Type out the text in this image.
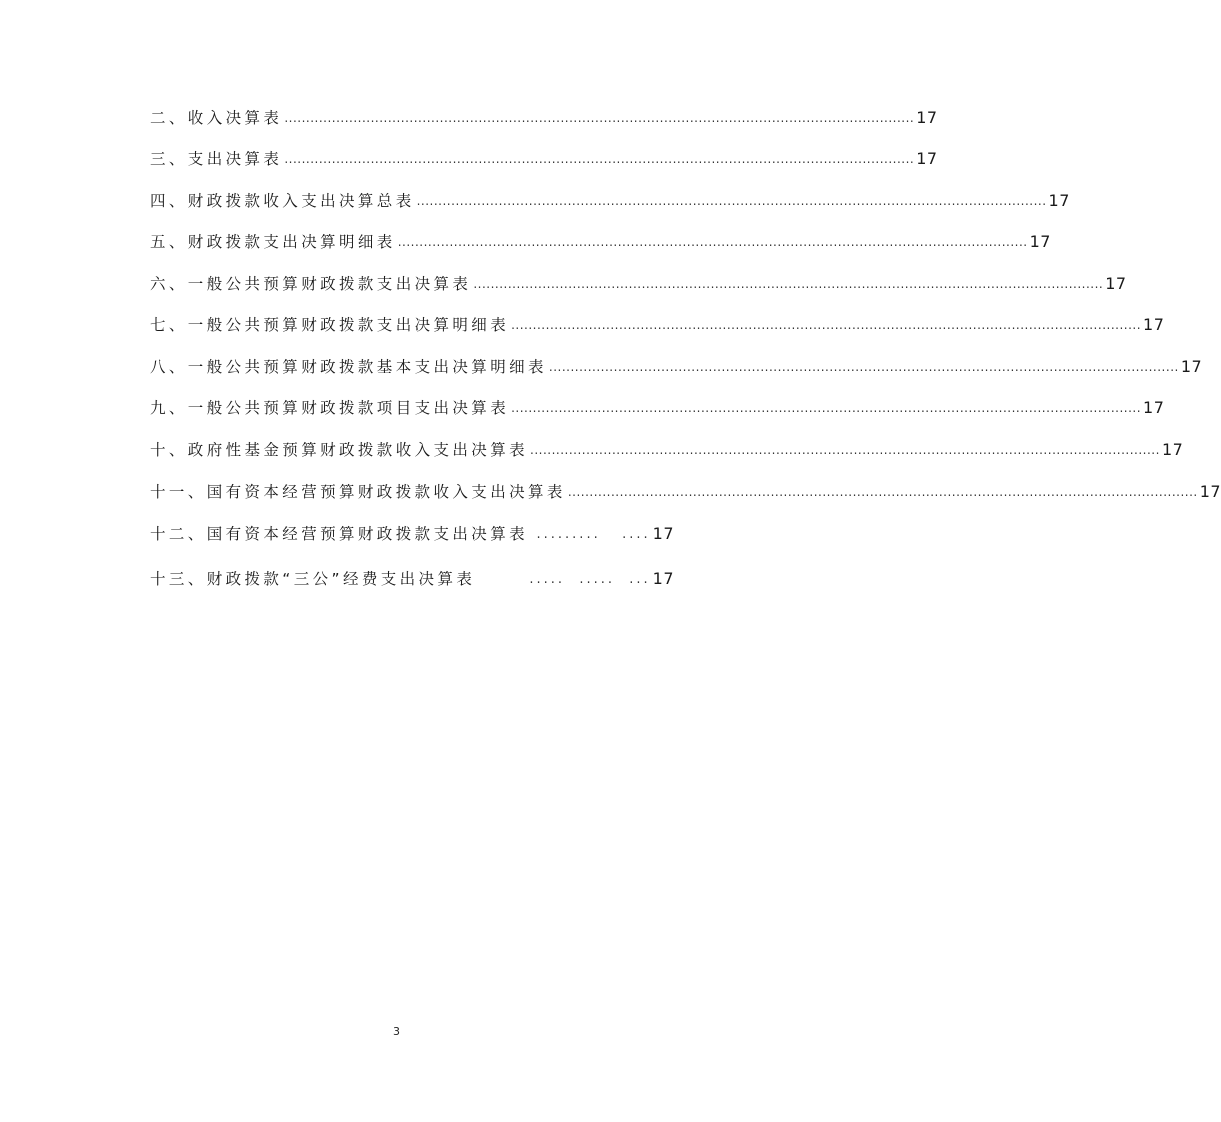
二、收入决算表 .................................................................................................................................................. 17
三、支出决算表 .................................................................................................................................................. 17
四、财政拨款收入支出决算总表 .................................................................................................................................................. 17
五、财政拨款支出决算明细表 .................................................................................................................................................. 17
六、一般公共预算财政拨款支出决算表 .................................................................................................................................................. 17
七、一般公共预算财政拨款支出决算明细表 .................................................................................................................................................. 17
八、一般公共预算财政拨款基本支出决算明细表 .................................................................................................................................................. 17
九、一般公共预算财政拨款项目支出决算表 .................................................................................................................................................. 17
十、政府性基金预算财政拨款收入支出决算表 .................................................................................................................................................. 17
十一、国有资本经营预算财政拨款收入支出决算表 .................................................................................................................................................. 17
十二、国有资本经营预算财政拨款支出决算表 .........   .... 17
十三、财政拨款“三公”经费支出决算表	.....  .....  ... 17
3
